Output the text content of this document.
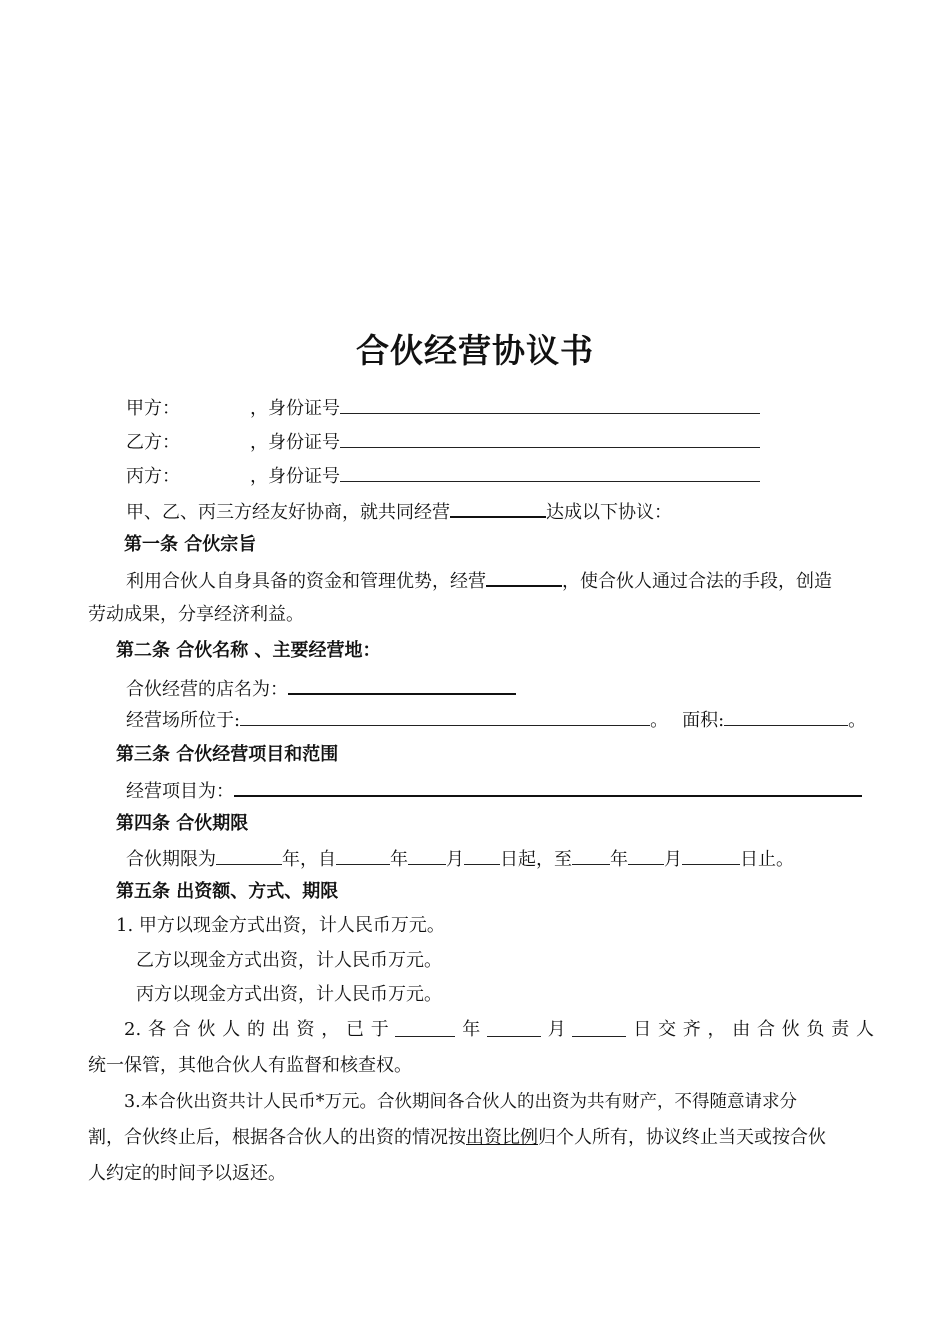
合伙经营协议书
甲方：	，身份证号
乙方：	，身份证号
丙方：	，身份证号
甲、乙、丙三方经友好协商，就共同经营	达成以下协议：
第一条 合伙宗旨
利用合伙人自身具备的资金和管理优势，经营	，使合伙人通过合法的手段，创造
劳动成果，分享经济利益。
第二条 合伙名称 、主要经营地：
合伙经营的店名为：
经营场所位于:	。 面积:	。
第三条 合伙经营项目和范围
经营项目为：
第四条 合伙期限
合伙期限为	年，自	年 月 日起，至 年 月	日止。
第五条 出资额、方式、期限
1. 甲方以现金方式出资，计人民币万元。
乙方以现金方式出资，计人民币万元。
丙方以现金方式出资，计人民币万元。
2. 各 合 伙 人 的 出 资 ， 已 于	年	月	日 交 齐 ， 由 合 伙 负 责 人
统一保管，其他合伙人有监督和核查权。
3.本合伙出资共计人民币*万元。合伙期间各合伙人的出资为共有财产，不得随意请求分
割，合伙终止后，根据各合伙人的出资的情况按出资比例归个人所有，协议终止当天或按合伙
人约定的时间予以返还。
